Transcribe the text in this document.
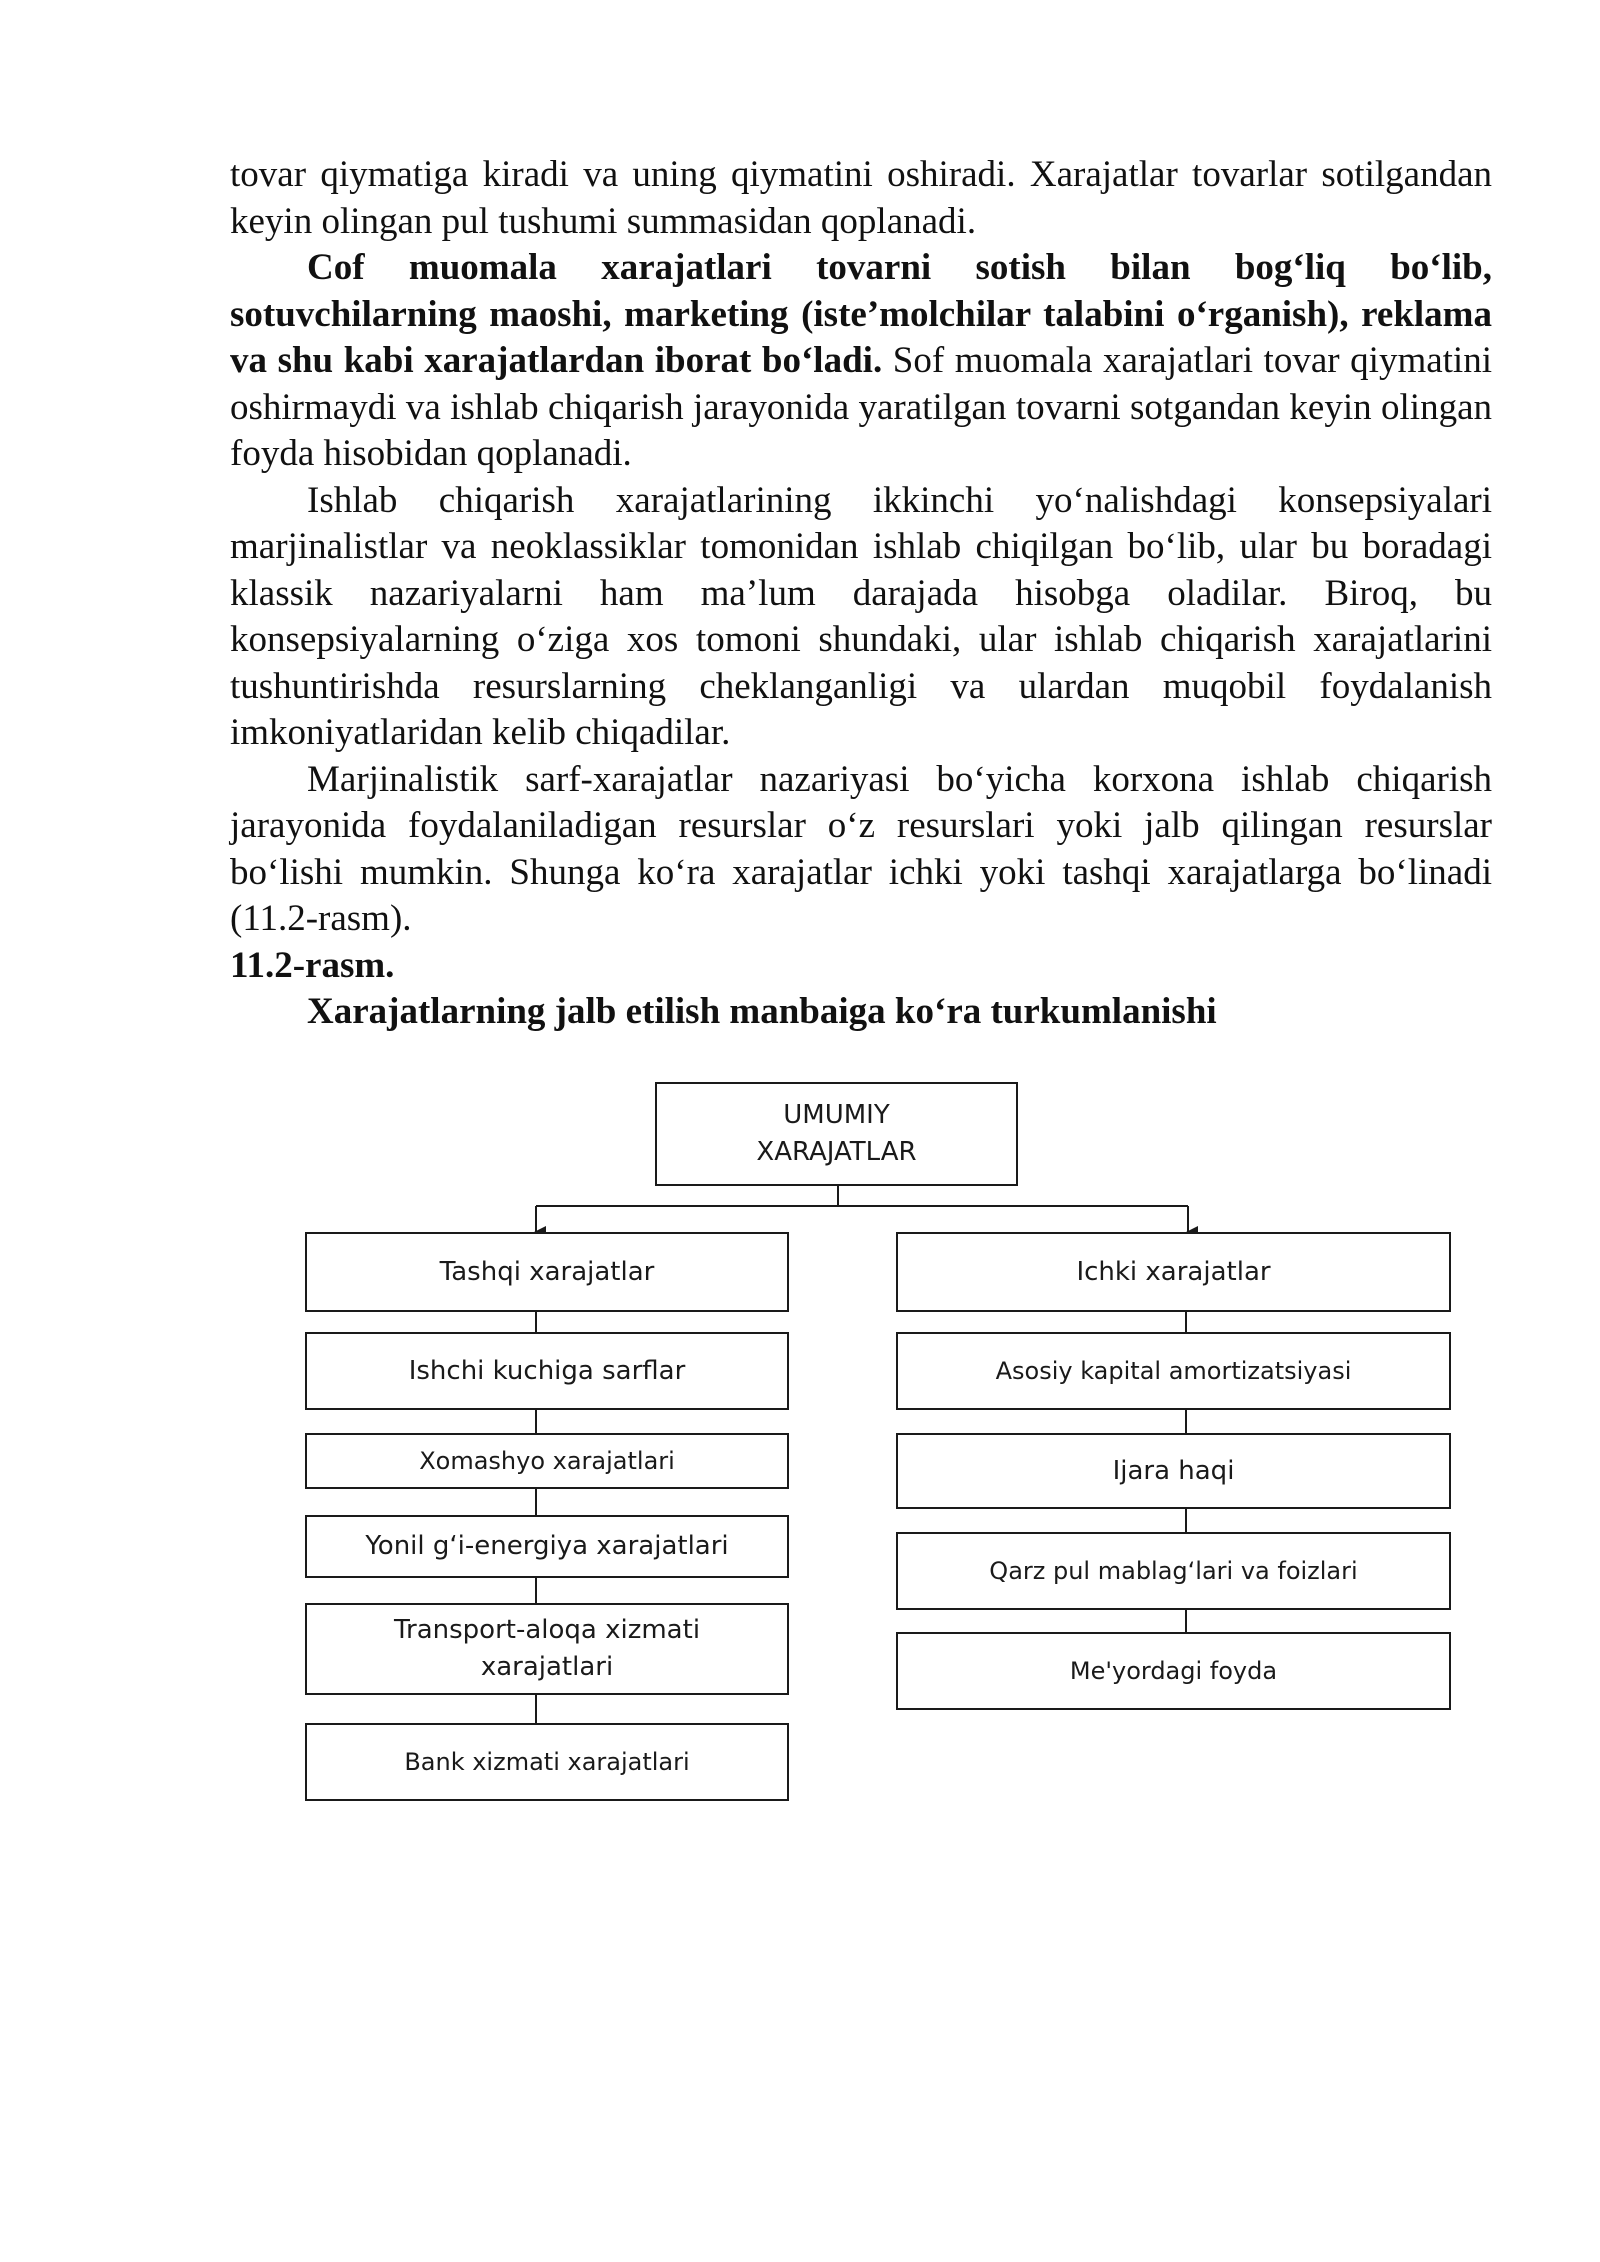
tovar qiymatiga kiradi va uning qiymatini oshiradi. Xarajatlar tovarlar sotilgandan keyin olingan pul tushumi summasidan qoplanadi.

Cof muomala xarajatlari tovarni sotish bilan bog‘liq bo‘lib, sotuvchilarning maoshi, marketing (iste’molchilar talabini o‘rganish), reklama va shu kabi xarajatlardan iborat bo‘ladi. Sof muomala xarajatlari tovar qiymatini oshirmaydi va ishlab chiqarish jarayonida yaratilgan tovarni sotgandan keyin olingan foyda hisobidan qoplanadi.

Ishlab chiqarish xarajatlarining ikkinchi yo‘nalishdagi konsepsiyalari marjinalistlar va neoklassiklar tomonidan ishlab chiqilgan bo‘lib, ular bu boradagi klassik nazariyalarni ham ma’lum darajada hisobga oladilar. Biroq, bu konsepsiyalarning o‘ziga xos tomoni shundaki, ular ishlab chiqarish xarajatlarini tushuntirishda resurslarning cheklanganligi va ulardan muqobil foydalanish imkoniyatlaridan kelib chiqadilar.

Marjinalistik sarf-xarajatlar nazariyasi bo‘yicha korxona ishlab chiqarish jarayonida foydalaniladigan resurslar o‘z resurslari yoki jalb qilingan resurslar bo‘lishi mumkin. Shunga ko‘ra xarajatlar ichki yoki tashqi xarajatlarga bo‘linadi (11.2-rasm).

11.2-rasm.

Xarajatlarning jalb etilish manbaiga ko‘ra turkumlanishi

UMUMIY XARAJATLAR
Tashqi xarajatlar
Ishchi kuchiga sarflar
Xomashyo xarajatlari
Yonil g‘i-energiya xarajatlari
Transport-aloqa xizmati xarajatlari
Bank xizmati xarajatlari
Ichki xarajatlar
Asosiy kapital amortizatsiyasi
Ijara haqi
Qarz pul mablag‘lari va foizlari
Me'yordagi foyda
